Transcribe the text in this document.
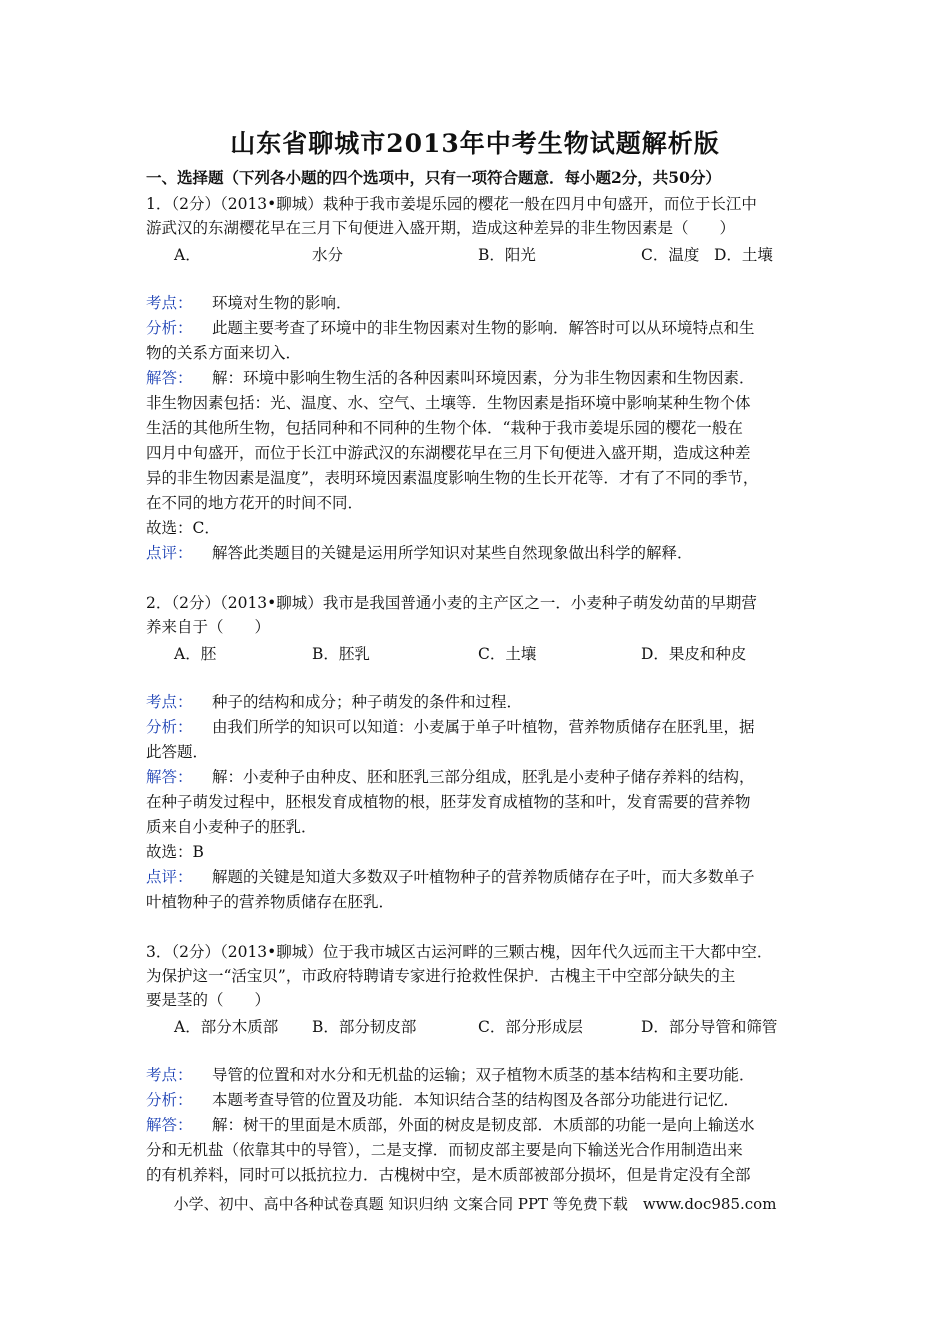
山东省聊城市2013年中考生物试题解析版

一、选择题（下列各小题的四个选项中，只有一项符合题意．每小题2分，共50分）

1．（2分）（2013•聊城）栽种于我市姜堤乐园的樱花一般在四月中旬盛开，而位于长江中
游武汉的东湖樱花早在三月下旬便进入盛开期，造成这种差异的非生物因素是（　　）
A．	水分	B．阳光	C．温度 D．土壤
考点： 环境对生物的影响．
分析： 此题主要考查了环境中的非生物因素对生物的影响．解答时可以从环境特点和生
物的关系方面来切入．
解答： 解：环境中影响生物生活的各种因素叫环境因素，分为非生物因素和生物因素．
非生物因素包括：光、温度、水、空气、土壤等．生物因素是指环境中影响某种生物个体
生活的其他所生物，包括同种和不同种的生物个体．“栽种于我市姜堤乐园的樱花一般在
四月中旬盛开，而位于长江中游武汉的东湖樱花早在三月下旬便进入盛开期，造成这种差
异的非生物因素是温度”，表明环境因素温度影响生物的生长开花等．才有了不同的季节，
在不同的地方花开的时间不同．
故选：C．
点评： 解答此类题目的关键是运用所学知识对某些自然现象做出科学的解释．
2．（2分）（2013•聊城）我市是我国普通小麦的主产区之一．小麦种子萌发幼苗的早期营
养来自于（　　）
A．胚	B．胚乳	C．土壤	D．果皮和种皮
考点： 种子的结构和成分；种子萌发的条件和过程．
分析： 由我们所学的知识可以知道：小麦属于单子叶植物，营养物质储存在胚乳里，据
此答题．
解答： 解：小麦种子由种皮、胚和胚乳三部分组成，胚乳是小麦种子储存养料的结构，
在种子萌发过程中，胚根发育成植物的根，胚芽发育成植物的茎和叶，发育需要的营养物
质来自小麦种子的胚乳．
故选：B
点评： 解题的关键是知道大多数双子叶植物种子的营养物质储存在子叶，而大多数单子
叶植物种子的营养物质储存在胚乳．
3．（2分）（2013•聊城）位于我市城区古运河畔的三颗古槐，因年代久远而主干大都中空．
为保护这一“活宝贝”，市政府特聘请专家进行抢救性保护．古槐主干中空部分缺失的主
要是茎的（　　）
A．部分木质部 B．部分韧皮部	C．部分形成层	D．部分导管和筛管
考点： 导管的位置和对水分和无机盐的运输；双子植物木质茎的基本结构和主要功能．
分析： 本题考查导管的位置及功能．本知识结合茎的结构图及各部分功能进行记忆．
解答： 解：树干的里面是木质部，外面的树皮是韧皮部．木质部的功能一是向上输送水
分和无机盐（依靠其中的导管），二是支撑．而韧皮部主要是向下输送光合作用制造出来
的有机养料，同时可以抵抗拉力．古槐树中空，是木质部被部分损坏，但是肯定没有全部
小学、初中、高中各种试卷真题 知识归纳 文案合同 PPT 等免费下载　www.doc985.com
